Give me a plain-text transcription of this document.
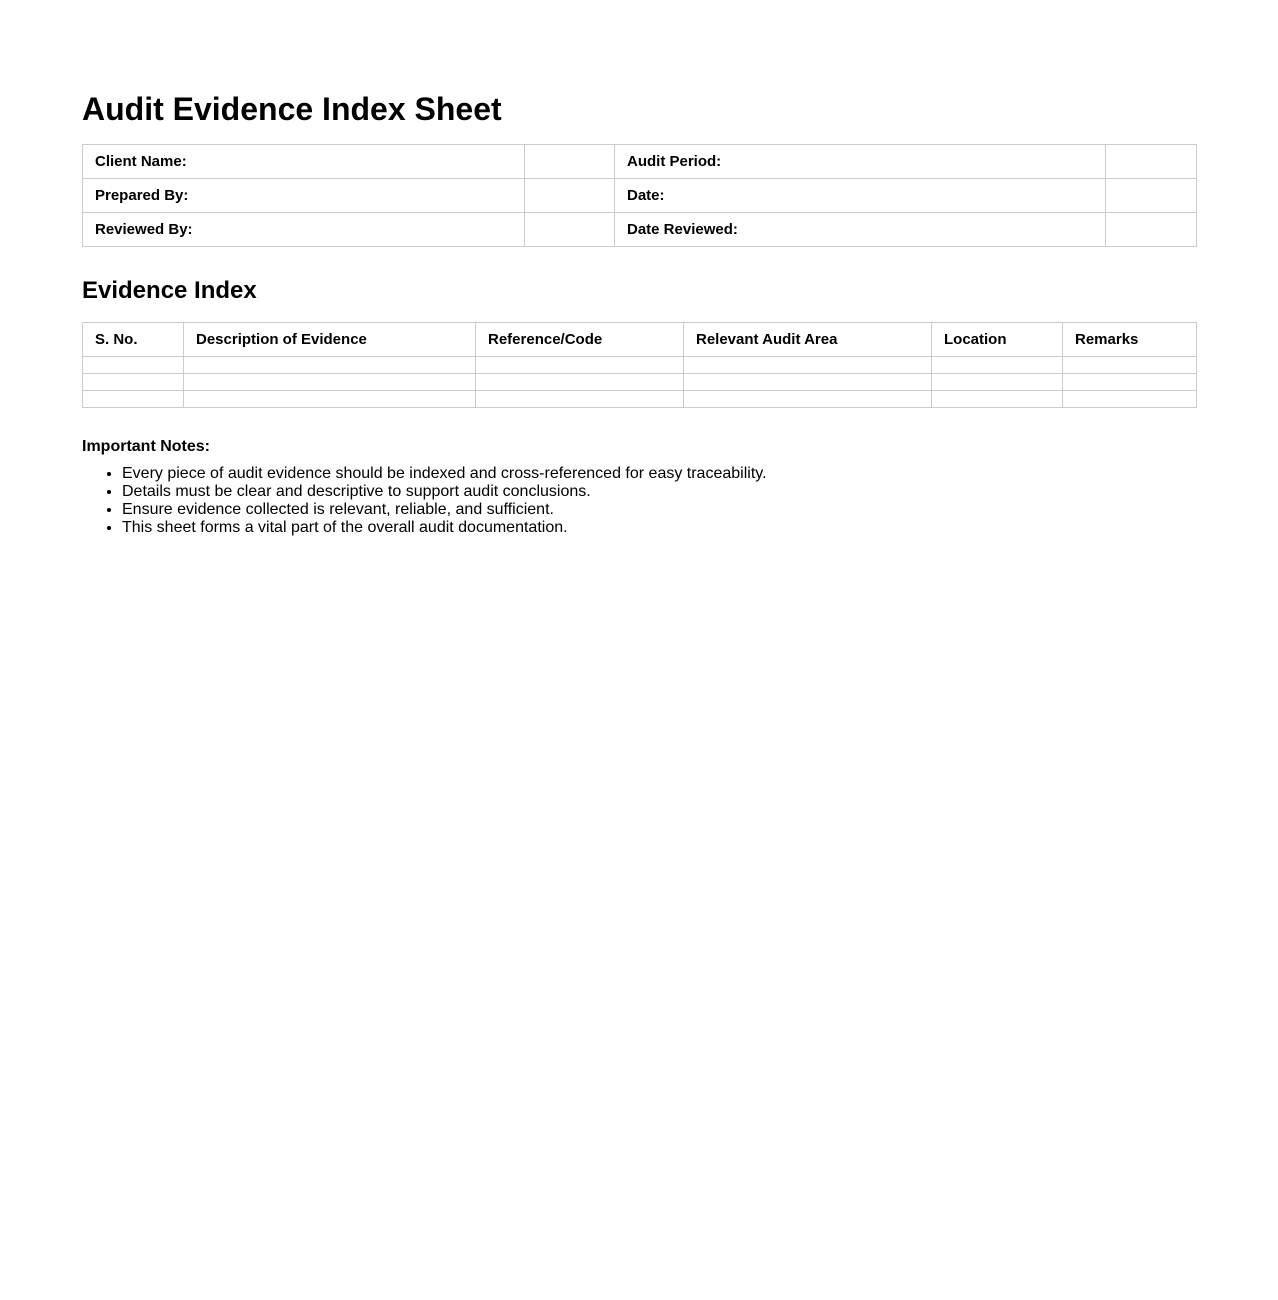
Audit Evidence Index Sheet
Client Name:		Audit Period:	
Prepared By:		Date:	
Reviewed By:		Date Reviewed:	
Evidence Index
S. No.	Description of Evidence	Reference/Code	Relevant Audit Area	Location	Remarks

Important Notes:
• Every piece of audit evidence should be indexed and cross-referenced for easy traceability.
• Details must be clear and descriptive to support audit conclusions.
• Ensure evidence collected is relevant, reliable, and sufficient.
• This sheet forms a vital part of the overall audit documentation.
